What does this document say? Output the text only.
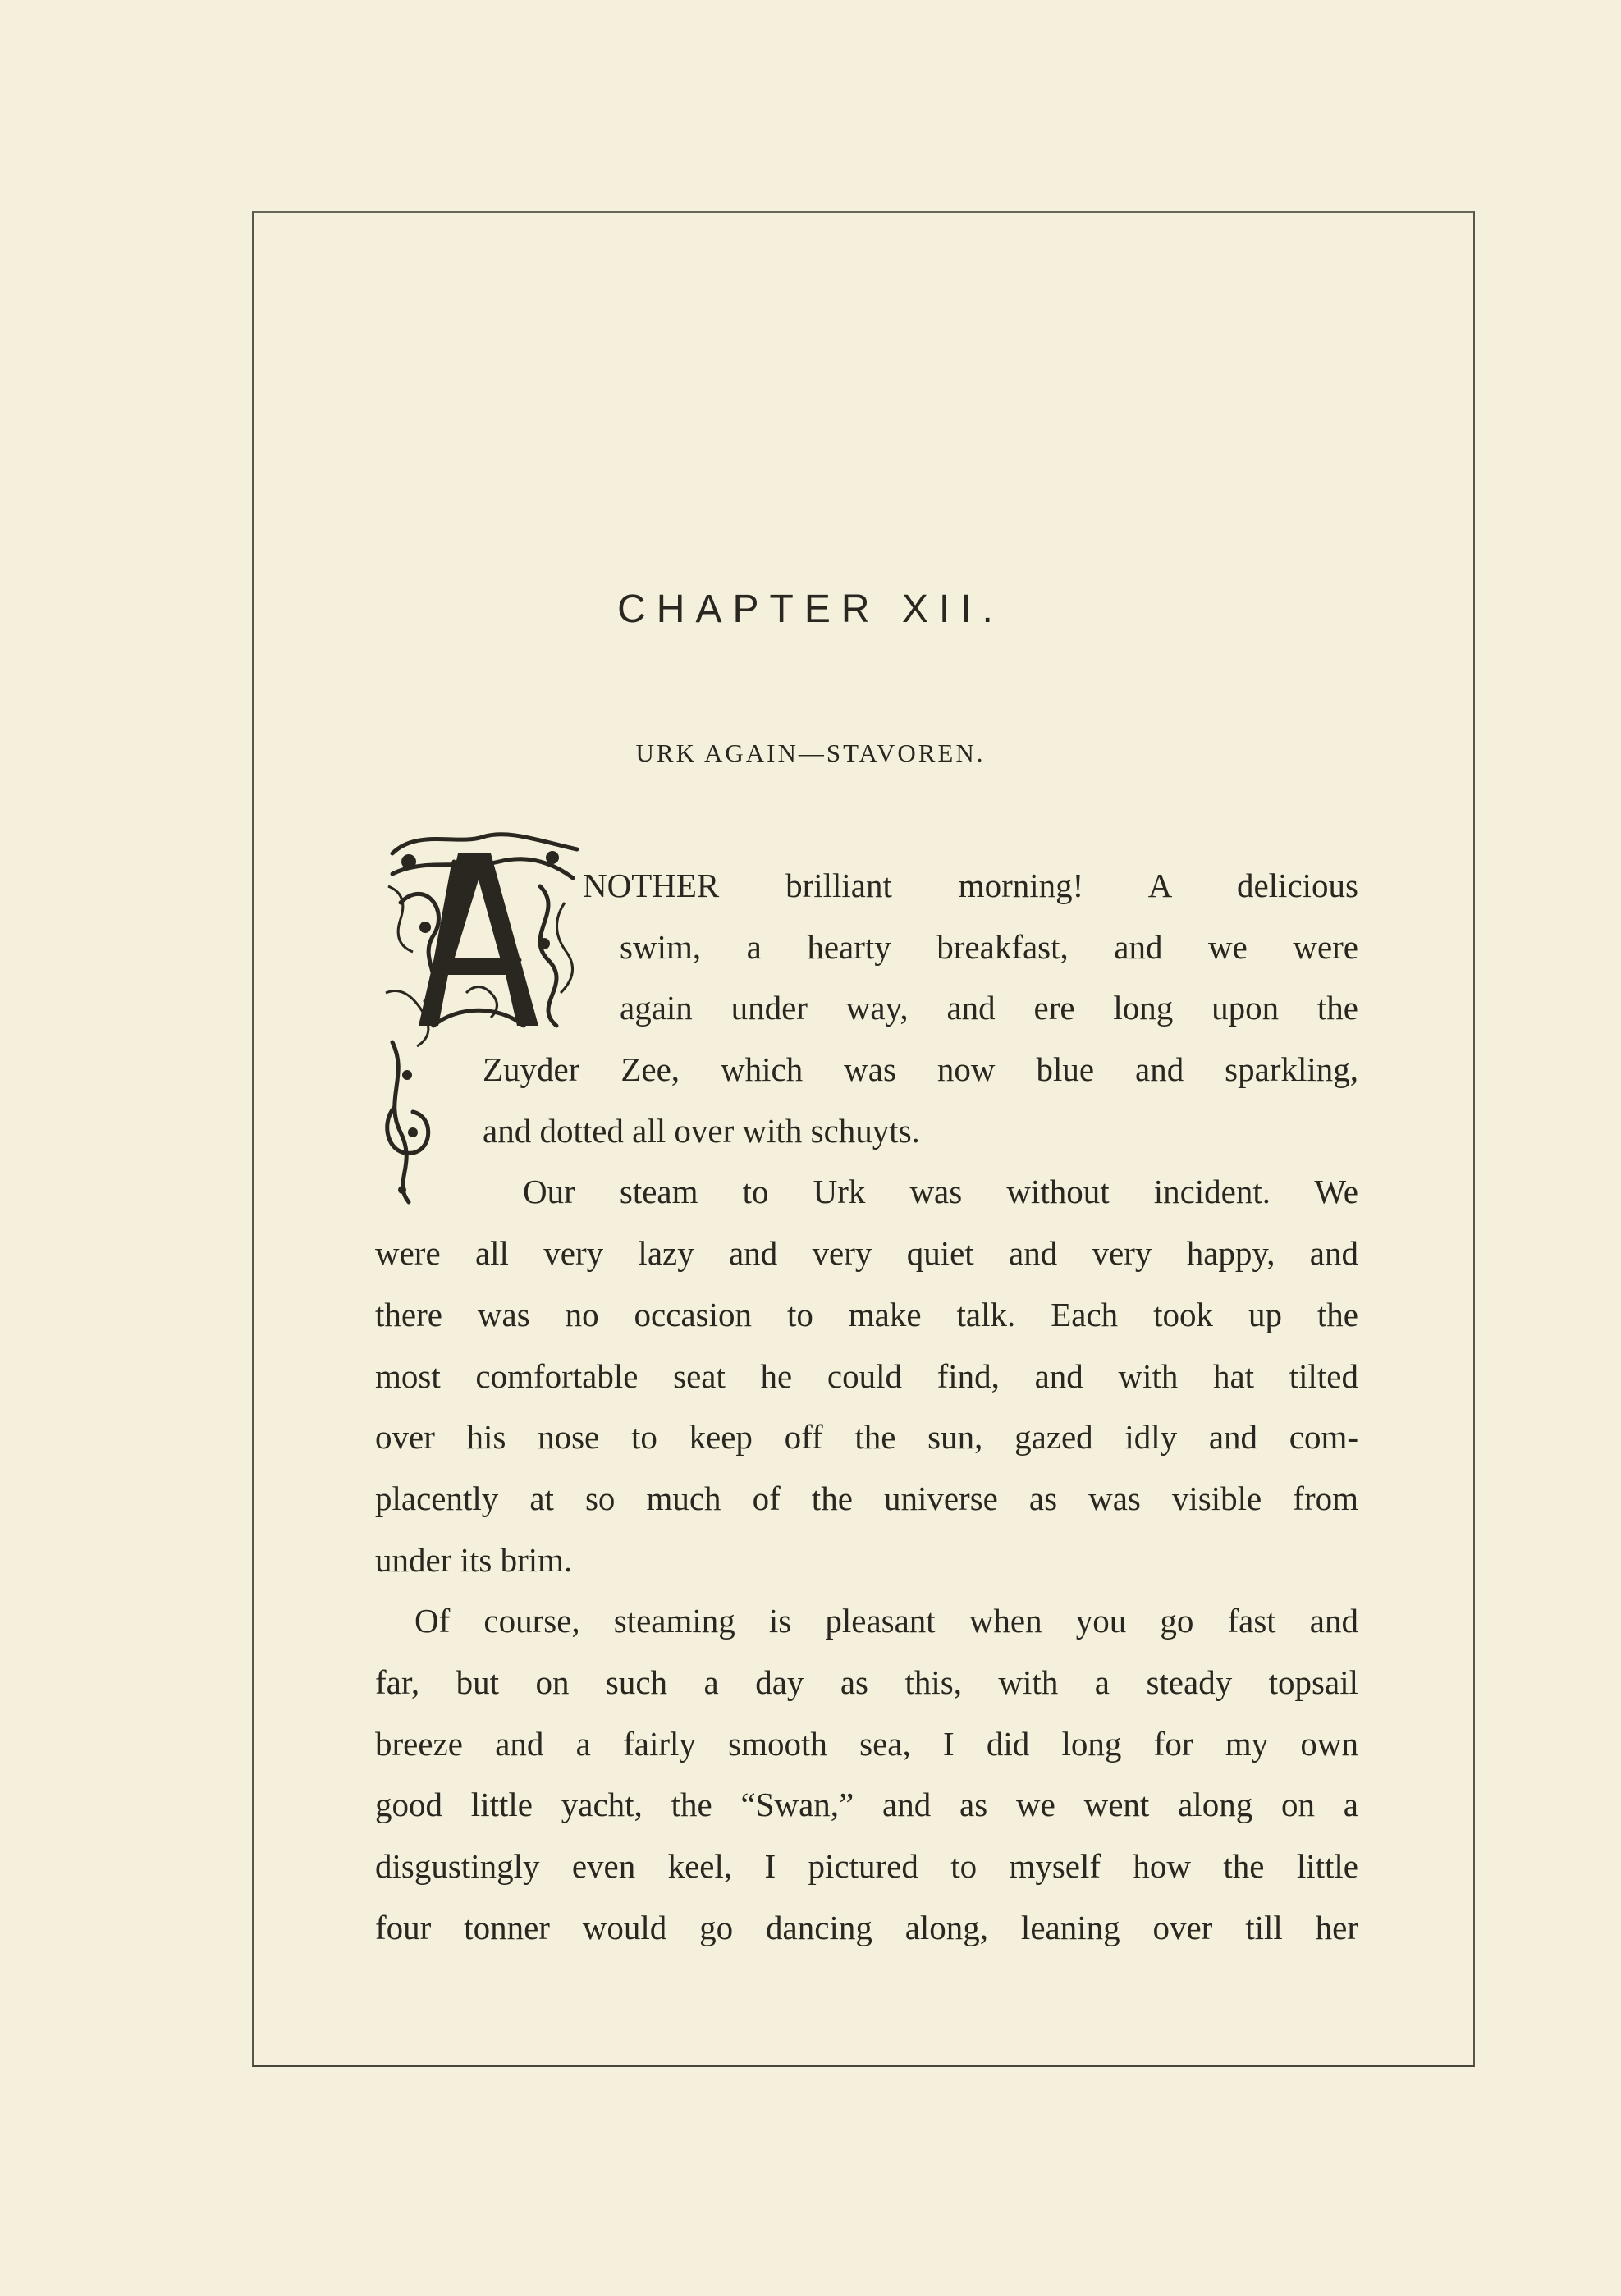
CHAPTER XII.
URK AGAIN—STAVOREN.
NOTHER brilliant morning! A delicious
swim, a hearty breakfast, and we were
again under way, and ere long upon the
Zuyder Zee, which was now blue and sparkling,
and dotted all over with schuyts.
Our steam to Urk was without incident. We
were all very lazy and very quiet and very happy, and
there was no occasion to make talk. Each took up the
most comfortable seat he could find, and with hat tilted
over his nose to keep off the sun, gazed idly and com-
placently at so much of the universe as was visible from
under its brim.
Of course, steaming is pleasant when you go fast and
far, but on such a day as this, with a steady topsail
breeze and a fairly smooth sea, I did long for my own
good little yacht, the “Swan,” and as we went along on a
disgustingly even keel, I pictured to myself how the little
four tonner would go dancing along, leaning over till her
